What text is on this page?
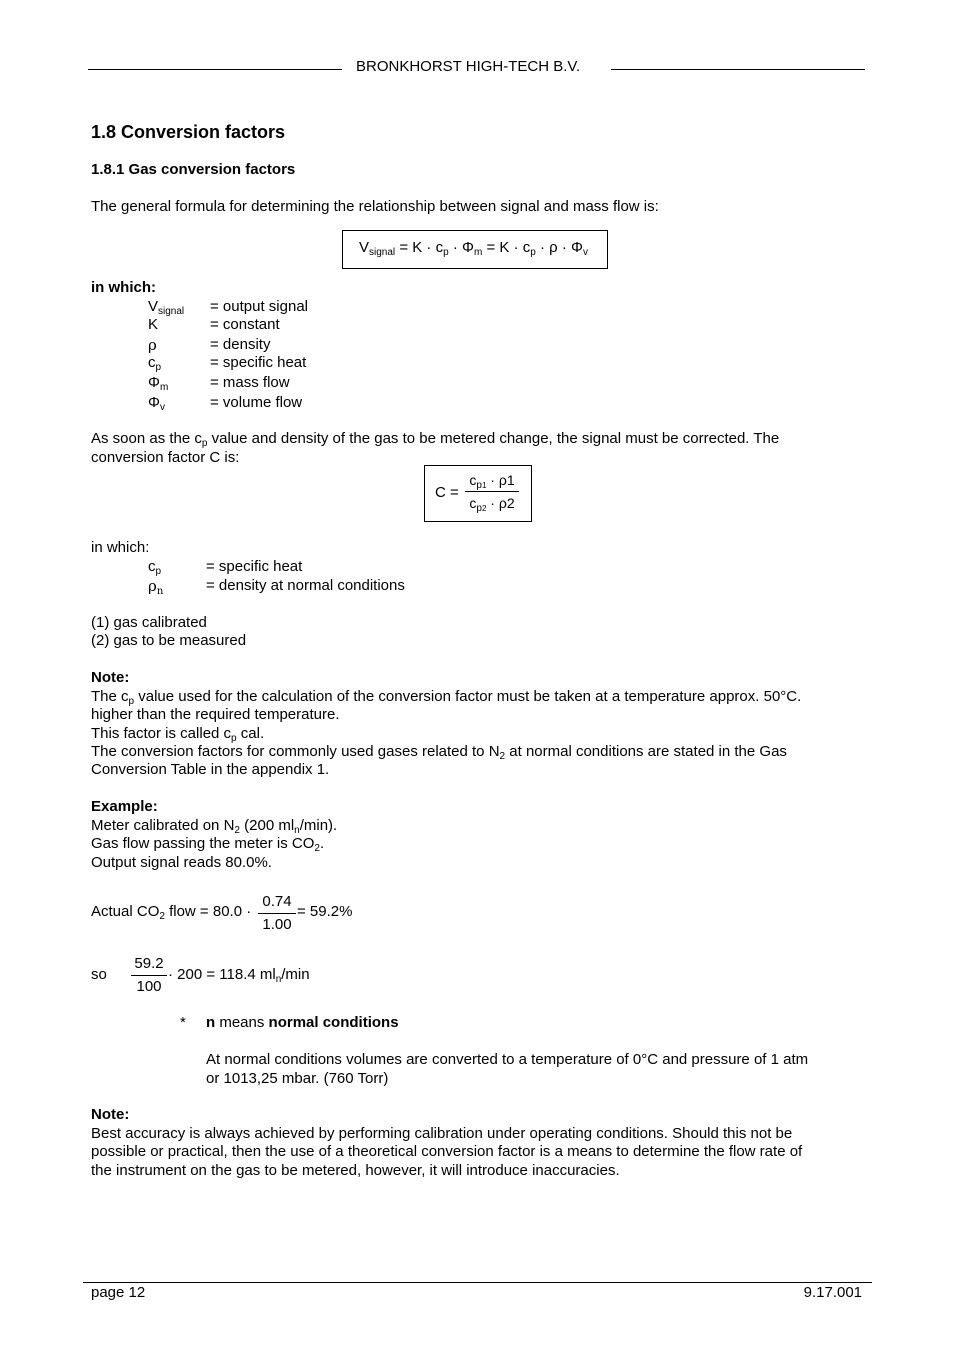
BRONKHORST HIGH-TECH B.V.
1.8 Conversion factors
1.8.1 Gas conversion factors
The general formula for determining the relationship between signal and mass flow is:
$V_{signal} = K \cdot c_p \cdot \Phi_m = K \cdot c_p \cdot \rho \cdot \Phi_v$
in which:
$V_{signal}$ = output signal
K	= constant
ρ	= density
$c_p$	= specific heat
$\Phi_m$	= mass flow
$\Phi_v$	= volume flow
As soon as the $c_p$ value and density of the gas to be metered change, the signal must be corrected. The
conversion factor C is:
C =
$c_{p1} \cdot \rho 1$
$c_{p2} \cdot \rho 2$
in which:
$c_p$	= specific heat
$\rho_n$	= density at normal conditions
(1) gas calibrated
(2) gas to be measured
Note:
The $c_p$ value used for the calculation of the conversion factor must be taken at a temperature approx. 50°C.
higher than the required temperature.
This factor is called $c_p$ cal.
The conversion factors for commonly used gases related to $N_2$ at normal conditions are stated in the Gas
Conversion Table in the appendix 1.
Example:
Meter calibrated on $N_2$ (200 $ml_n/\min$).
Gas flow passing the meter is $CO_2$.
Output signal reads 80.0%.
Actual $CO_2$ flow = 80.0 ·
0.74
1.00
= 59.2%
so
59.2
100
· 200 = 118.4 $ml_n/\min$
* n means normal conditions
At normal conditions volumes are converted to a temperature of 0°C and pressure of 1 atm
or 1013,25 mbar. (760 Torr)
Note:
Best accuracy is always achieved by performing calibration under operating conditions. Should this not be
possible or practical, then the use of a theoretical conversion factor is a means to determine the flow rate of
the instrument on the gas to be metered, however, it will introduce inaccuracies.
page 12	9.17.001
